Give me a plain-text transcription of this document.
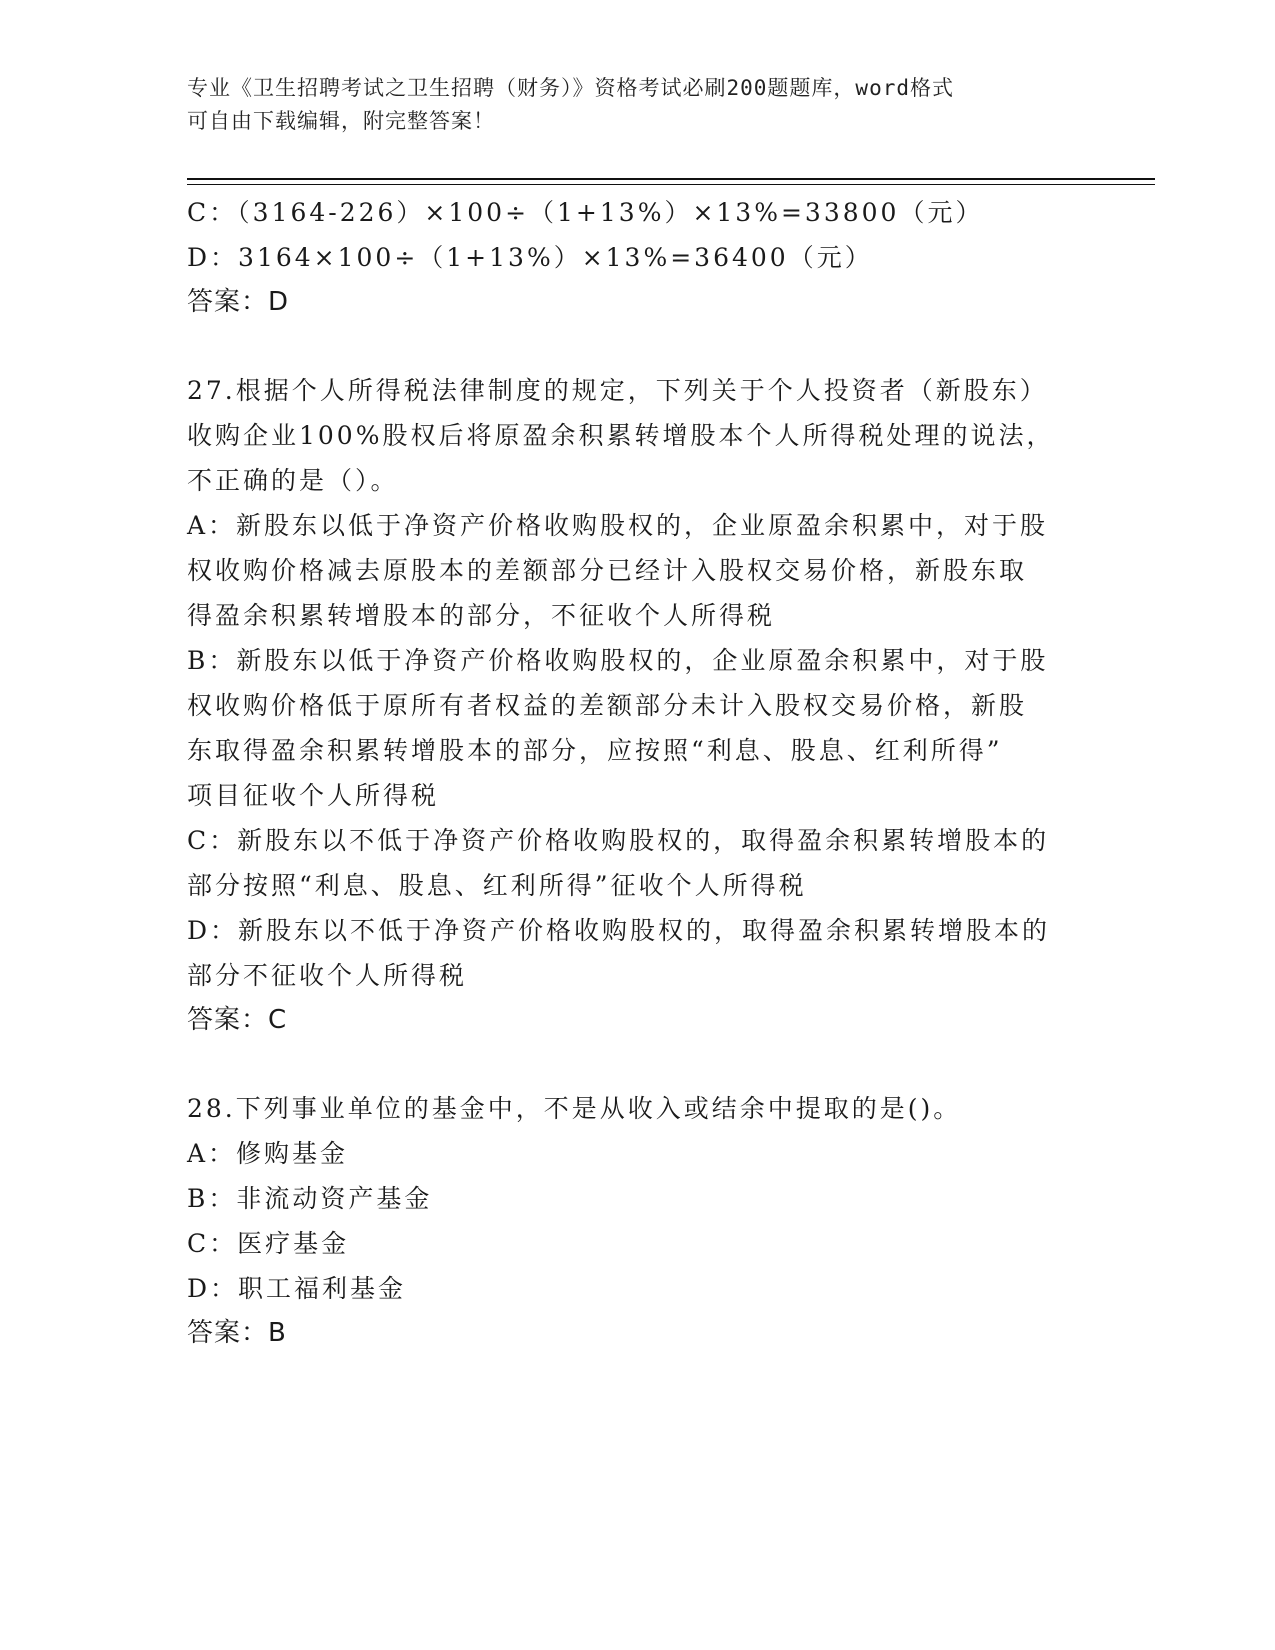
专业《卫生招聘考试之卫生招聘（财务）》资格考试必刷200题题库，word格式
可自由下载编辑，附完整答案！
C：（3164-226）×100÷（1+13%）×13%=33800（元）
D：3164×100÷（1+13%）×13%=36400（元）
答案：D
27.根据个人所得税法律制度的规定，下列关于个人投资者（新股东）
收购企业100%股权后将原盈余积累转增股本个人所得税处理的说法，
不正确的是（）。
A：新股东以低于净资产价格收购股权的，企业原盈余积累中，对于股
权收购价格减去原股本的差额部分已经计入股权交易价格，新股东取
得盈余积累转增股本的部分，不征收个人所得税
B：新股东以低于净资产价格收购股权的，企业原盈余积累中，对于股
权收购价格低于原所有者权益的差额部分未计入股权交易价格，新股
东取得盈余积累转增股本的部分，应按照“利息、股息、红利所得”
项目征收个人所得税
C：新股东以不低于净资产价格收购股权的，取得盈余积累转增股本的
部分按照“利息、股息、红利所得”征收个人所得税
D：新股东以不低于净资产价格收购股权的，取得盈余积累转增股本的
部分不征收个人所得税
答案：C
28.下列事业单位的基金中，不是从收入或结余中提取的是()。
A：修购基金
B：非流动资产基金
C：医疗基金
D：职工福利基金
答案：B
